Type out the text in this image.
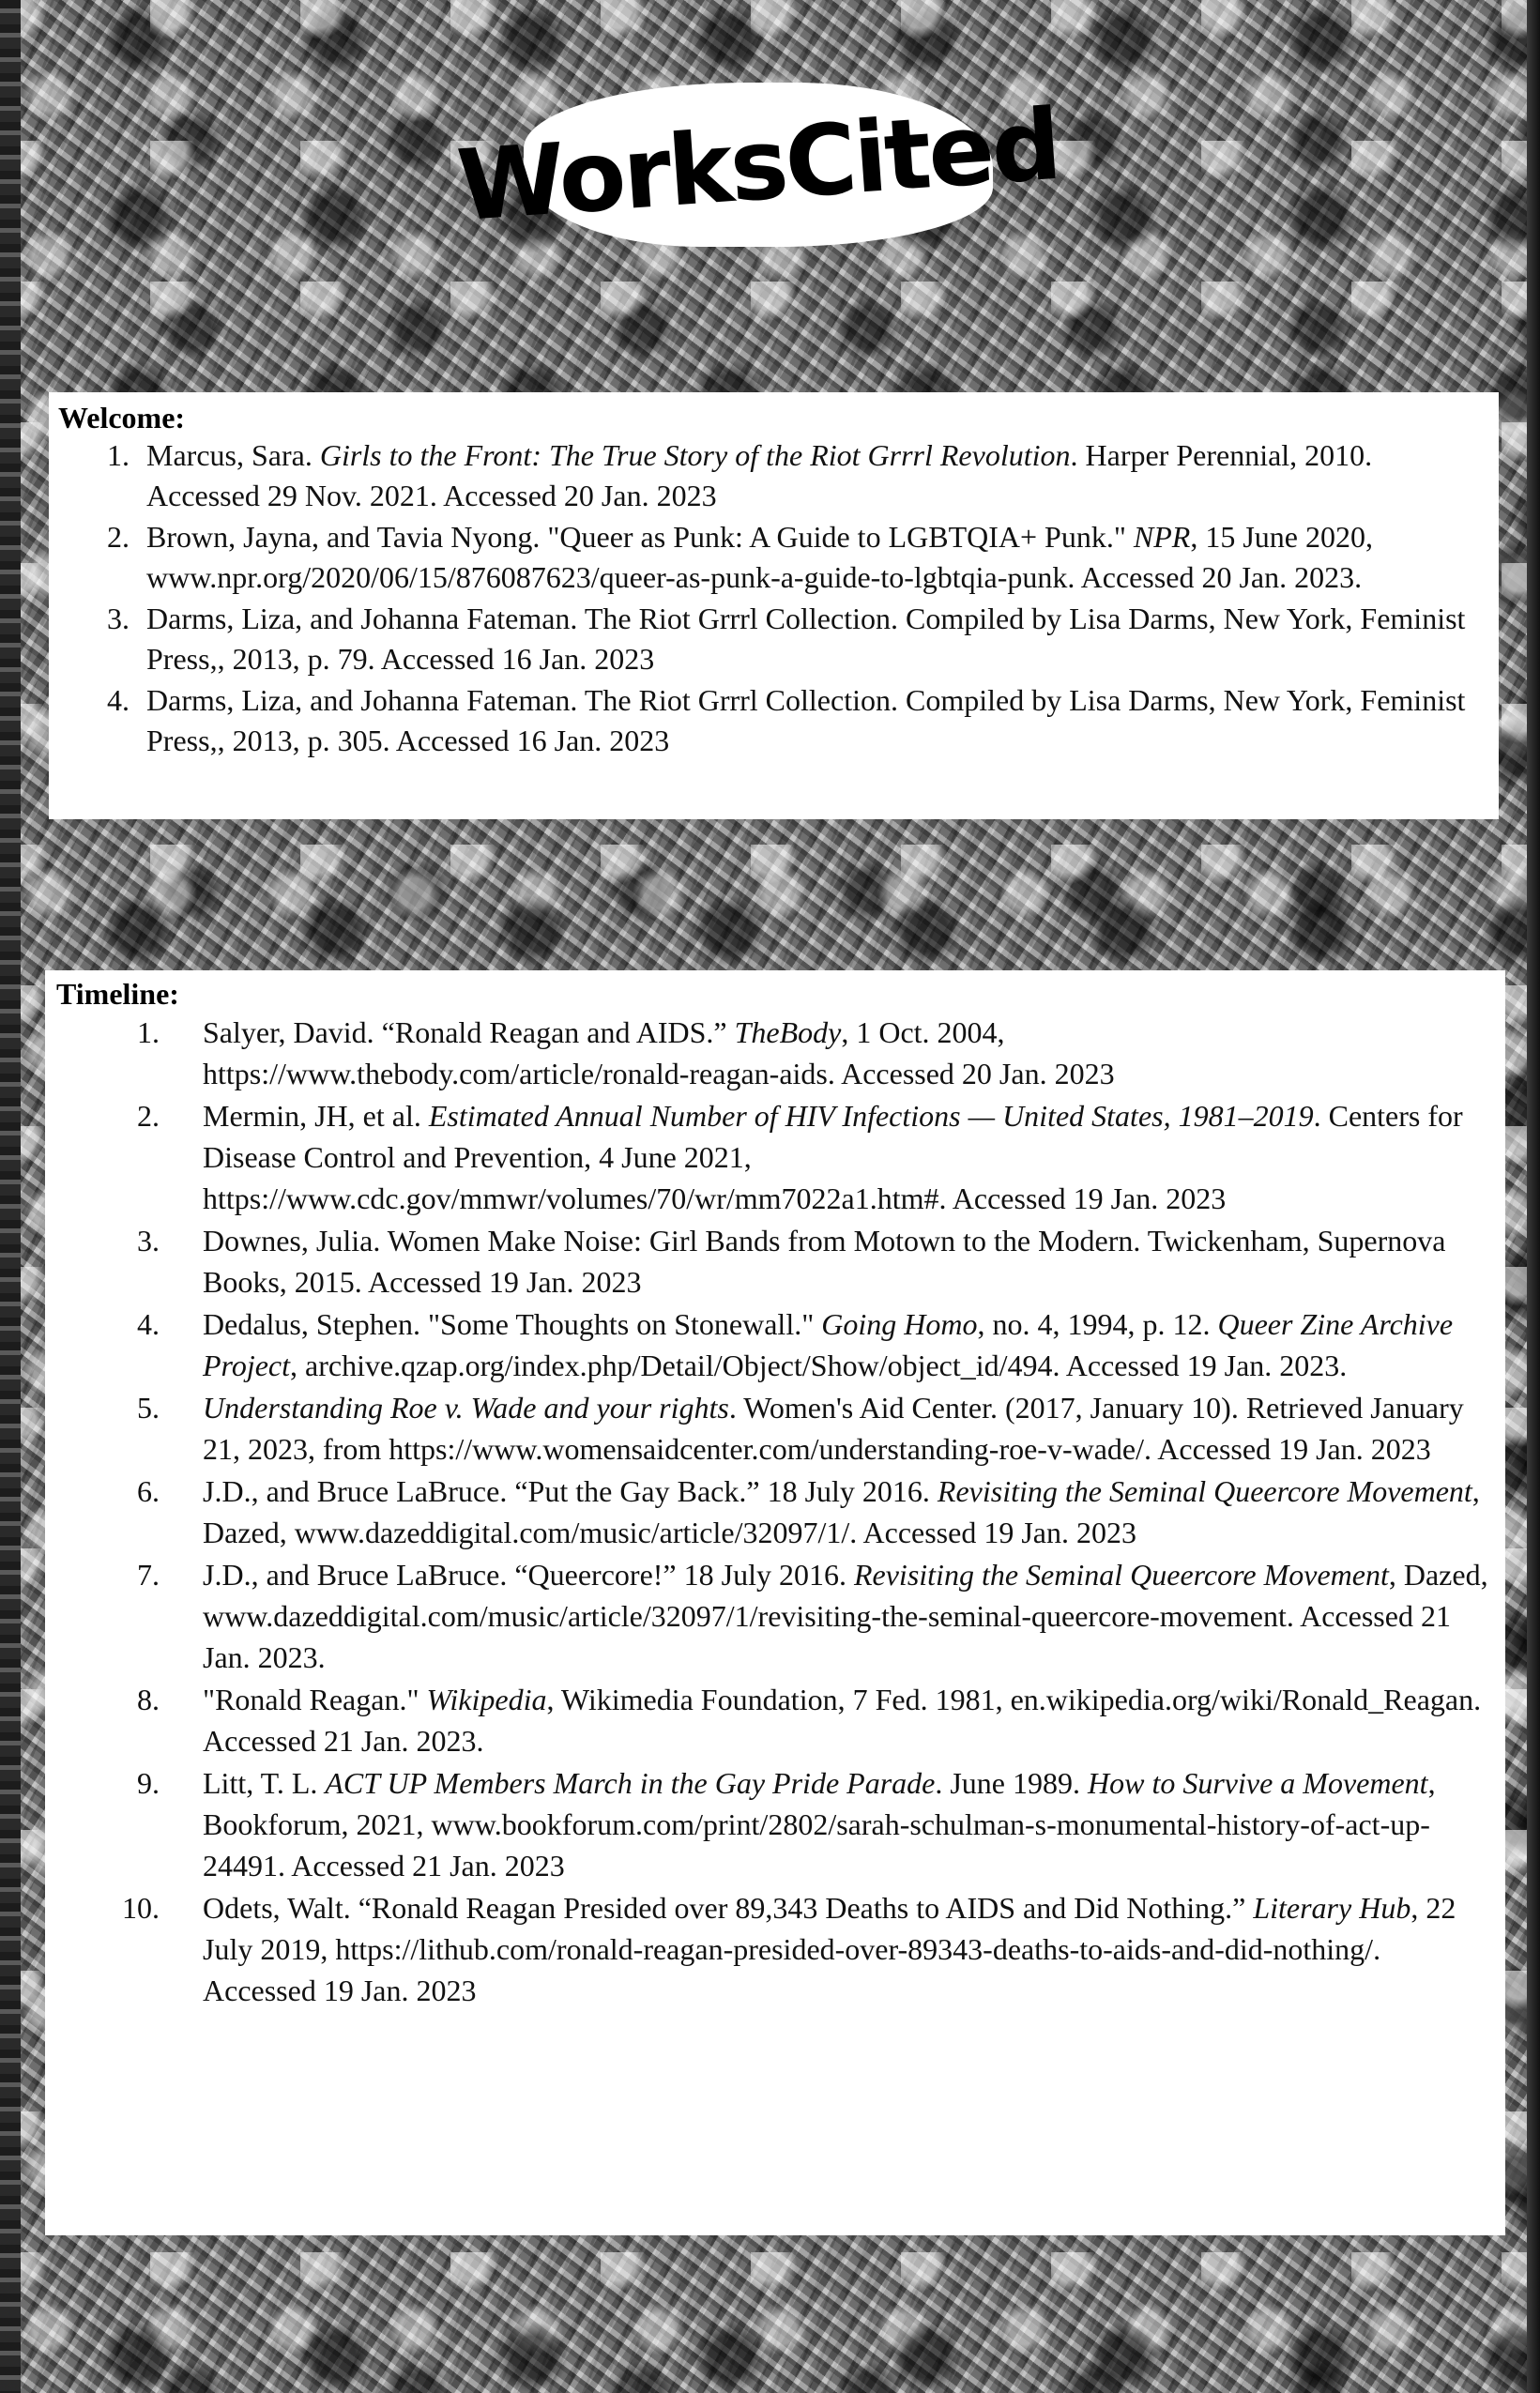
WorksCited
Welcome:
1. Marcus, Sara. Girls to the Front: The True Story of the Riot Grrrl Revolution. Harper Perennial, 2010. Accessed 29 Nov. 2021. Accessed 20 Jan. 2023
2. Brown, Jayna, and Tavia Nyong. "Queer as Punk: A Guide to LGBTQIA+ Punk." NPR, 15 June 2020, www.npr.org/2020/06/15/876087623/queer-as-punk-a-guide-to-lgbtqia-punk. Accessed 20 Jan. 2023.
3. Darms, Liza, and Johanna Fateman. The Riot Grrrl Collection. Compiled by Lisa Darms, New York, Feminist Press,, 2013, p. 79. Accessed 16 Jan. 2023
4. Darms, Liza, and Johanna Fateman. The Riot Grrrl Collection. Compiled by Lisa Darms, New York, Feminist Press,, 2013, p. 305. Accessed 16 Jan. 2023
Timeline:
1.	Salyer, David. “Ronald Reagan and AIDS.” TheBody, 1 Oct. 2004, https://www.thebody.com/article/ronald-reagan-aids. Accessed 20 Jan. 2023
2.	Mermin, JH, et al. Estimated Annual Number of HIV Infections — United States, 1981–2019. Centers for Disease Control and Prevention, 4 June 2021, https://www.cdc.gov/mmwr/volumes/70/wr/mm7022a1.htm#. Accessed 19 Jan. 2023
3.	Downes, Julia. Women Make Noise: Girl Bands from Motown to the Modern. Twickenham, Supernova Books, 2015. Accessed 19 Jan. 2023
4.	Dedalus, Stephen. "Some Thoughts on Stonewall." Going Homo, no. 4, 1994, p. 12. Queer Zine Archive Project, archive.qzap.org/index.php/Detail/Object/Show/object_id/494. Accessed 19 Jan. 2023.
5.	Understanding Roe v. Wade and your rights. Women's Aid Center. (2017, January 10). Retrieved January 21, 2023, from https://www.womensaidcenter.com/understanding-roe-v-wade/. Accessed 19 Jan. 2023
6.	J.D., and Bruce LaBruce. “Put the Gay Back.” 18 July 2016. Revisiting the Seminal Queercore Movement, Dazed, www.dazeddigital.com/music/article/32097/1/. Accessed 19 Jan. 2023
7.	J.D., and Bruce LaBruce. “Queercore!” 18 July 2016. Revisiting the Seminal Queercore Movement, Dazed, www.dazeddigital.com/music/article/32097/1/revisiting-the-seminal-queercore-movement. Accessed 21 Jan. 2023.
8.	"Ronald Reagan." Wikipedia, Wikimedia Foundation, 7 Fed. 1981, en.wikipedia.org/wiki/Ronald_Reagan. Accessed 21 Jan. 2023.
9.	Litt, T. L. ACT UP Members March in the Gay Pride Parade. June 1989. How to Survive a Movement, Bookforum, 2021, www.bookforum.com/print/2802/sarah-schulman-s-monumental-history-of-act-up-24491. Accessed 21 Jan. 2023
10.	Odets, Walt. “Ronald Reagan Presided over 89,343 Deaths to AIDS and Did Nothing.” Literary Hub, 22 July 2019, https://lithub.com/ronald-reagan-presided-over-89343-deaths-to-aids-and-did-nothing/. Accessed 19 Jan. 2023
